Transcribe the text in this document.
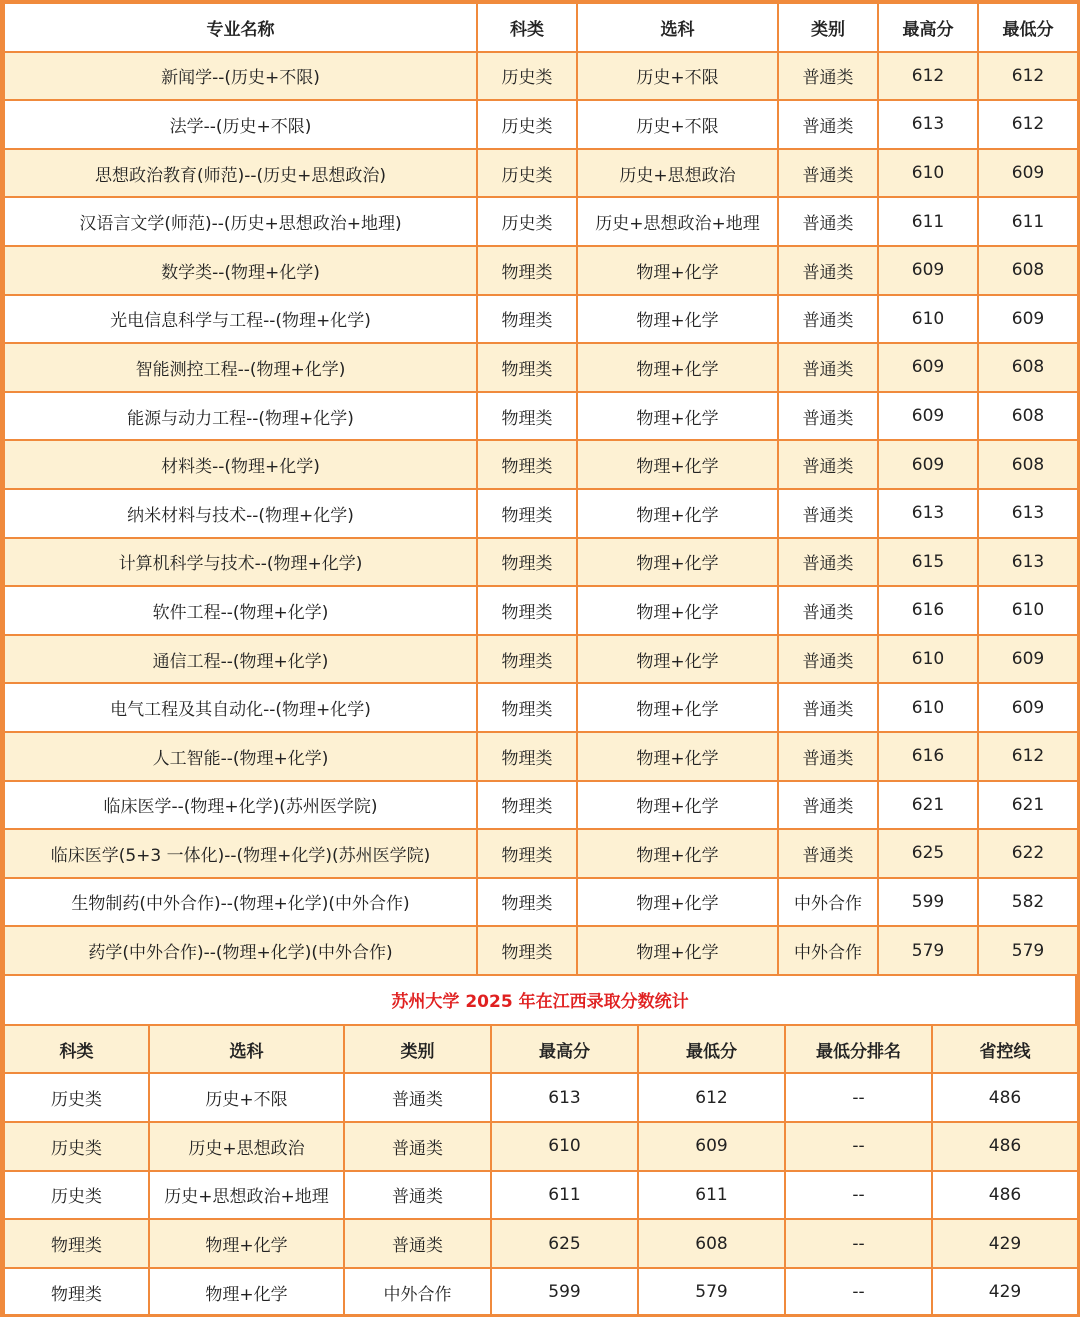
专业名称	科类	选科	类别	最高分	最低分
新闻学--(历史+不限)	历史类	历史+不限	普通类	612	612
法学--(历史+不限)	历史类	历史+不限	普通类	613	612
思想政治教育(师范)--(历史+思想政治)	历史类	历史+思想政治	普通类	610	609
汉语言文学(师范)--(历史+思想政治+地理)	历史类	历史+思想政治+地理	普通类	611	611
数学类--(物理+化学)	物理类	物理+化学	普通类	609	608
光电信息科学与工程--(物理+化学)	物理类	物理+化学	普通类	610	609
智能测控工程--(物理+化学)	物理类	物理+化学	普通类	609	608
能源与动力工程--(物理+化学)	物理类	物理+化学	普通类	609	608
材料类--(物理+化学)	物理类	物理+化学	普通类	609	608
纳米材料与技术--(物理+化学)	物理类	物理+化学	普通类	613	613
计算机科学与技术--(物理+化学)	物理类	物理+化学	普通类	615	613
软件工程--(物理+化学)	物理类	物理+化学	普通类	616	610
通信工程--(物理+化学)	物理类	物理+化学	普通类	610	609
电气工程及其自动化--(物理+化学)	物理类	物理+化学	普通类	610	609
人工智能--(物理+化学)	物理类	物理+化学	普通类	616	612
临床医学--(物理+化学)(苏州医学院)	物理类	物理+化学	普通类	621	621
临床医学(5+3 一体化)--(物理+化学)(苏州医学院)	物理类	物理+化学	普通类	625	622
生物制药(中外合作)--(物理+化学)(中外合作)	物理类	物理+化学	中外合作	599	582
药学(中外合作)--(物理+化学)(中外合作)	物理类	物理+化学	中外合作	579	579
苏州大学 2025 年在江西录取分数统计
科类	选科	类别	最高分	最低分	最低分排名	省控线
历史类	历史+不限	普通类	613	612	--	486
历史类	历史+思想政治	普通类	610	609	--	486
历史类	历史+思想政治+地理	普通类	611	611	--	486
物理类	物理+化学	普通类	625	608	--	429
物理类	物理+化学	中外合作	599	579	--	429
